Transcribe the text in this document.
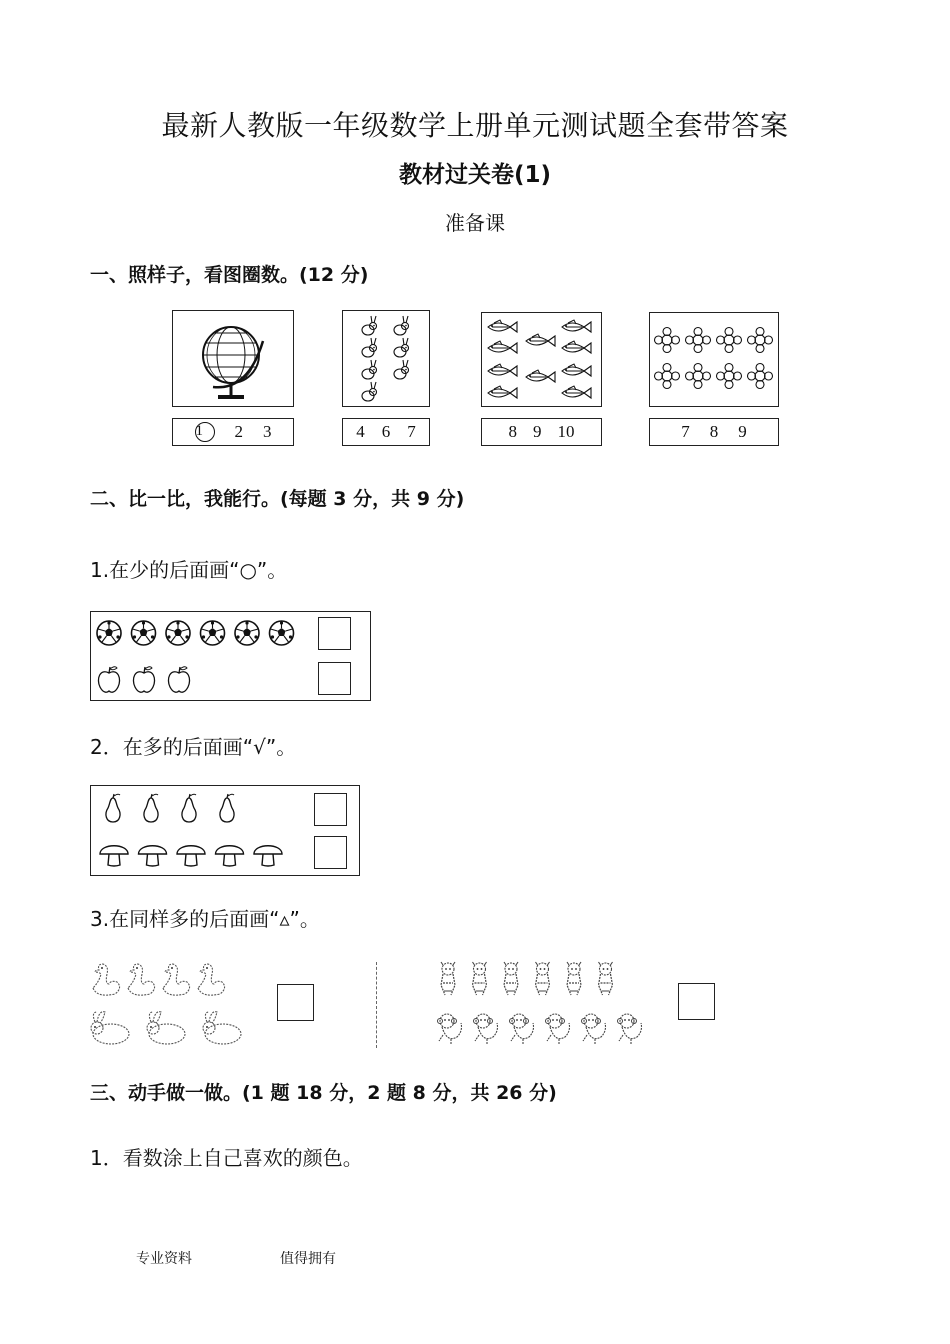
最新人教版一年级数学上册单元测试题全套带答案
教材过关卷(1)
准备课
一、照样子，看图圈数。(12 分)
1	2 3	4 6 7	8 9 10	7 8 9
二、比一比，我能行。(每题 3 分，共 9 分)
1.在少的后面画“○”。
2．在多的后面画“√”。
3.在同样多的后面画“▵”。
三、动手做一做。(1 题 18 分，2 题 8 分，共 26 分)
1．看数涂上自己喜欢的颜色。
专业资料	值得拥有
